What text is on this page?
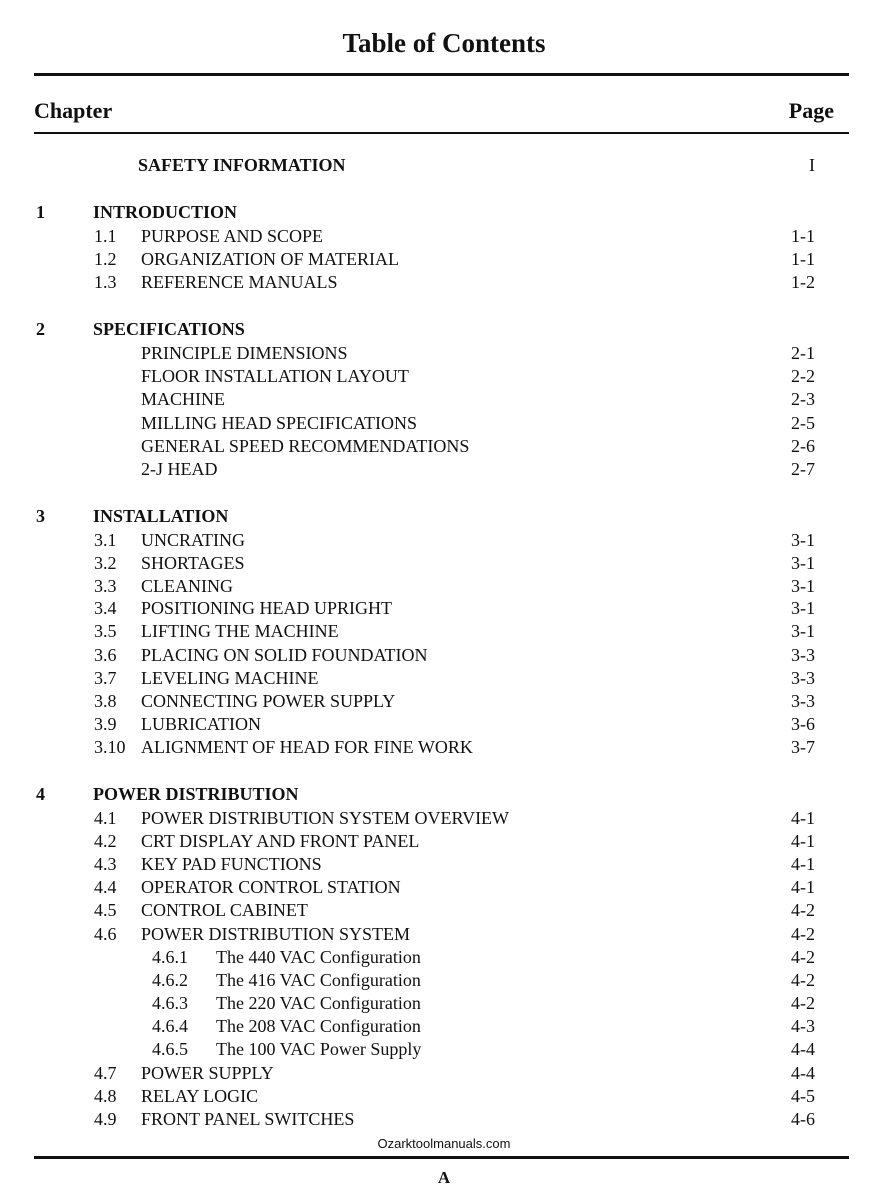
Table of Contents
Chapter	Page
SAFETY INFORMATION	I
1	INTRODUCTION
1.1 PURPOSE AND SCOPE	1-1
1.2 ORGANIZATION OF MATERIAL	1-1
1.3 REFERENCE MANUALS	1-2
2	SPECIFICATIONS
PRINCIPLE DIMENSIONS	2-1
FLOOR INSTALLATION LAYOUT	2-2
MACHINE	2-3
MILLING HEAD SPECIFICATIONS	2-5
GENERAL SPEED RECOMMENDATIONS	2-6
2-J HEAD	2-7
3	INSTALLATION
3.1 UNCRATING	3-1
3.2 SHORTAGES	3-1
3.3 CLEANING	3-1
3.4 POSITIONING HEAD UPRIGHT	3-1
3.5 LIFTING THE MACHINE	3-1
3.6 PLACING ON SOLID FOUNDATION	3-3
3.7 LEVELING MACHINE	3-3
3.8 CONNECTING POWER SUPPLY	3-3
3.9 LUBRICATION	3-6
3.10 ALIGNMENT OF HEAD FOR FINE WORK	3-7
4	POWER DISTRIBUTION
4.1 POWER DISTRIBUTION SYSTEM OVERVIEW	4-1
4.2 CRT DISPLAY AND FRONT PANEL	4-1
4.3 KEY PAD FUNCTIONS	4-1
4.4 OPERATOR CONTROL STATION	4-1
4.5 CONTROL CABINET	4-2
4.6 POWER DISTRIBUTION SYSTEM	4-2
4.6.1 The 440 VAC Configuration	4-2
4.6.2 The 416 VAC Configuration	4-2
4.6.3 The 220 VAC Configuration	4-2
4.6.4 The 208 VAC Configuration	4-3
4.6.5 The 100 VAC Power Supply	4-4
4.7 POWER SUPPLY	4-4
4.8 RELAY LOGIC	4-5
4.9 FRONT PANEL SWITCHES	4-6
Ozarktoolmanuals.com
A
